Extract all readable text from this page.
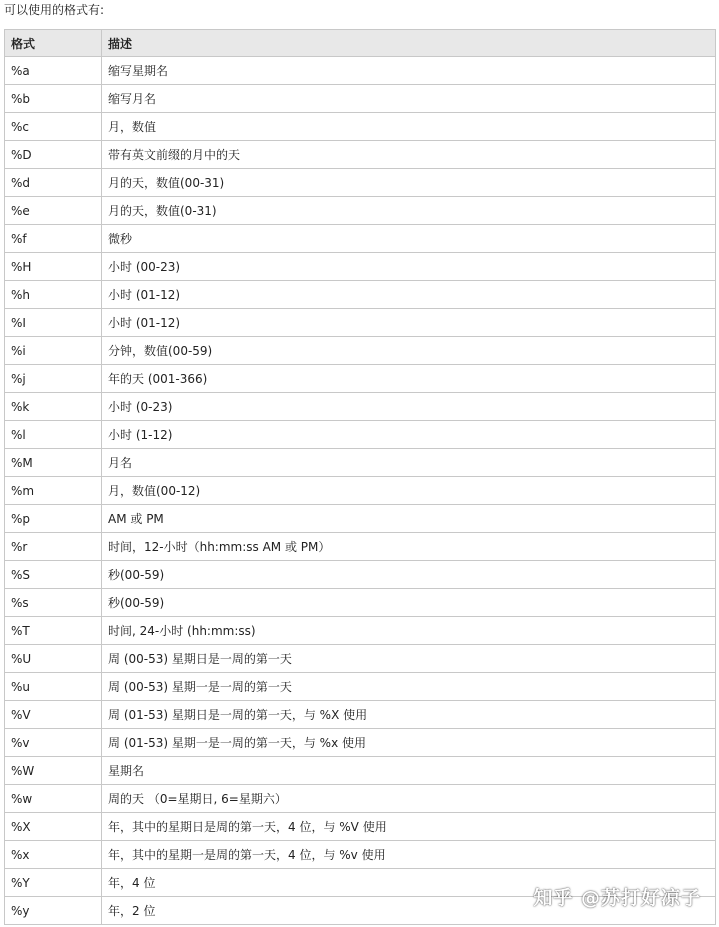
可以使用的格式有:
格式	描述
%a	缩写星期名
%b	缩写月名
%c	月，数值
%D	带有英文前缀的月中的天
%d	月的天，数值(00-31)
%e	月的天，数值(0-31)
%f	微秒
%H	小时 (00-23)
%h	小时 (01-12)
%I	小时 (01-12)
%i	分钟，数值(00-59)
%j	年的天 (001-366)
%k	小时 (0-23)
%l	小时 (1-12)
%M	月名
%m	月，数值(00-12)
%p	AM 或 PM
%r	时间，12-小时（hh:mm:ss AM 或 PM）
%S	秒(00-59)
%s	秒(00-59)
%T	时间, 24-小时 (hh:mm:ss)
%U	周 (00-53) 星期日是一周的第一天
%u	周 (00-53) 星期一是一周的第一天
%V	周 (01-53) 星期日是一周的第一天，与 %X 使用
%v	周 (01-53) 星期一是一周的第一天，与 %x 使用
%W	星期名
%w	周的天 （0=星期日, 6=星期六）
%X	年，其中的星期日是周的第一天，4 位，与 %V 使用
%x	年，其中的星期一是周的第一天，4 位，与 %v 使用
%Y	年，4 位
%y	年，2 位
知乎 @苏打好凉子
